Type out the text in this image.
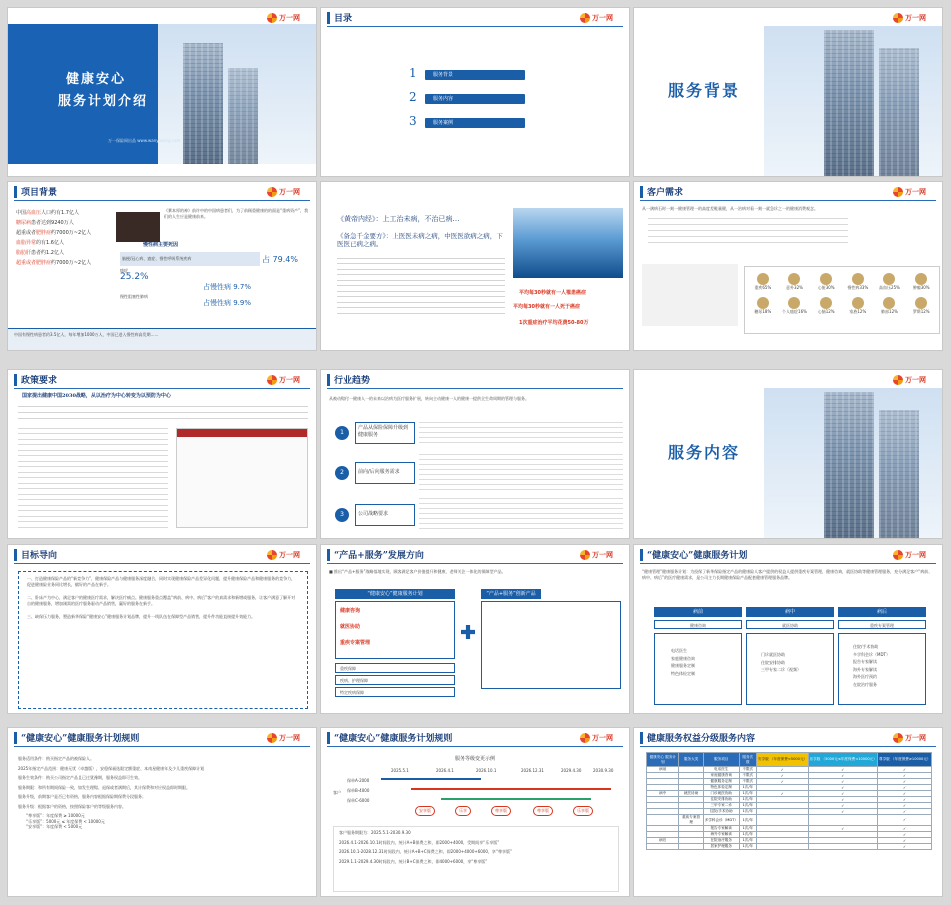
万一网
健康安心
服务计划介绍
万一保险网出品 www.wanyiwang.com
目录	万一网
1	服务背景
2	服务内容
3	服务案例
万一网
服务背景
项目背景	万一网
中国高血压人口约有1.7亿人
糖尿病患者达到9240万人
超重或者肥胖症约7000万~2亿人
血脂异常的有1.6亿人
脂肪肝患者约1.2亿人
超重或者肥胖症约7000万~2亿人
《赛本厚的神》前许中的中国病患者们，为了前顾重健康的的面是“重病资产”，我们的人生应是健康前来。
慢性病主要死因
脑梗/冠心病、癌症、慢性呼吸系统疾病	占 79.4%
25.2%
癌症
占慢性病 9.7%
慢性阻塞性肺病
占慢性病 9.9%
中国有慢性病患者约3.5亿人，每年增加1000万人，中国已进入慢性病高发期……
《黄帝内经》：上工治未病，不治已病…
《备急千金要方》：上医医未病之病，中医医欲病之病，下医医已病之病。
平均每30秒就有一人罹患癌症
平均每30秒就有一人死于癌症
1次重症治疗平均花费50-80万
客户需求	万一网
从一满病石时一刻一健康管理一的高度差鞋量健，从一治病对看一刻一就急诊之一的健康消费观念。
重疾65%	意外32%	心脏30%	慢性病33%	高血压25%	肿瘤30%
糖尿18%	个人癌症16%	心脑12%	家族12%	肺部12%	罗斯12%
政策要求	万一网
国家提出健康中国2030战略，从以治疗为中心转变为以预防为中心
行业趋势
从被动赔付一健康人一的未来以治病为医疗服务扩展，转向主动健康一人的健康一提供全生命周期的管理与服务。
1
产品从保险保障升级到健康服务
2	前向/后向服务需求
3	公司战略要求
万一网
服务内容
目标导向	万一网
一、打造健康保险产品的“新竞争力”，健康保险产品与健康服务深度融合，同时实现健康保险产品差异化问题，提升健康保险产品和健康服务的竞争力，促进健康险业务同比增长，赋好的产品在新手。
二、卧床产为中心，满足客户的健康医疗需求，解决医疗痛点。健康服务重点覆盖“病前、病中、病后”客户的真需求和新增或服务，让客户满意了解开对自的健康服务，增加刚需的医疗服务驱动产品销售，赢好的服务在新手。
三、缺保压力服务，塑造新华保险“健康安心”健康服务计划品牌，提升一线队伍在保障型产品销售，提升件功能直接提升效能力。
“产品+服务”发展方向	万一网
■ 推出“产品+服务”战略落地实现，顾客满足客户价值提升和健康，老师关注一体化的保障型产品。
“健康安心”健康服务计划
健康咨询
就医协助
重疾专案管理
“产品+服务”创新产品
重疾保障
疾病、护理保障
特定疾病保障
“健康安心”健康服务计划	万一网
“健康管理”健康服务计划：为投保了新华保险指定产品的健康险人客户提供的权益人提供重疾专案管理，健康咨询，就医协助等健康管理服务，充分满足客户“病前、病中、病后”的医疗健康需求，是公司主力长期健康保险产品配套健康管理服务品牌。
病前	病中	病后
健康咨询	就医协助	重疾专案管理
电话医生
家庭健康咨询
健康服务定制
特色体检定制
门诊就医协助
住院安排协助
三甲专家二诊（视频）
住院/手术协助
多学科会诊（MDT）
报告专家解读
海外专家解读
海外医疗预约
在院治疗服务
“健康安心”健康服务计划规则	万一网
服务适用条件：购买指定产品的被保险人。
2025年指定产品范围：健康无忧（卓越版），安稳保福选限定额重症、本南星健康年及少儿重疾保障计划
服务生效条件：购买公司指定产品且已过犹豫期，服务权益即可生效。
服务期限：和所有期间保险一致，如发生理赔、退保或者满期后，其计保费和对应权益即时期限。
服务升级，前期客户是否已有资格，服务内容根据保险期保费分段服务；
服务升级：根据客户的资格，按照保险客户的等级服务内容。
“尊享版”：年度保费 ≥ 10000元
“乐享版”：5000元 ≤ 年度保费 < 10000元
“安享版”：年度保费 < 5000元
“健康安心”健康服务计划规则	万一网
服务等级变更示例
2025.5.1	2026.4.1	2026.10.1	2026.12.31	2029.4.30	2030.9.30
客户
保单A-2000
保单B-4000
保单C-6000
安享版	乐享	尊享版	尊享版	乐享版
客户服务期限为：2025.5.1-2030.9.30
2026.4.1-2026.10.1时间段内，统计A+B保费之和，即2000+4000，受期间享“乐享版”
2026.10.1-2028.12.31时间段内，统计A+B+C保费之和，即2000+4000+6000，享“尊享版”
2029.1.1-2029.4.30时间段内，统计B+C保费之和，即4000+6000，享“尊享版”
健康服务权益分级服务内容	万一网
健康安心 服务计划	服务大类	服务项目	服务次数	安享版 （年度保费<5000元）	乐享版 （5000元≤年度保费<10000元）	尊享版 （年度保费≥10000元）
病前		电话医生	不限次	✓	✓	✓
		家庭健康咨询	不限次	✓	✓	✓
		健康服务定制	不限次	✓	✓	✓
		特色体检定制	1次/年		✓	✓
病中	就医协助	门诊就医协助	1次/年	✓	✓	✓
		住院安排协助	1次/年		✓	✓
		三甲专家二诊	1次/年		✓	✓
		住院/手术协助	1次/年		✓	✓
	重疾专案管理	多学科会诊（MDT）	1次/年			✓
		报告专家解读	1次/年		✓	✓
		海外专家解读	1次/年			✓
病后		在院治疗服务	1次/年			✓
		居家护理服务	1次/年			✓
